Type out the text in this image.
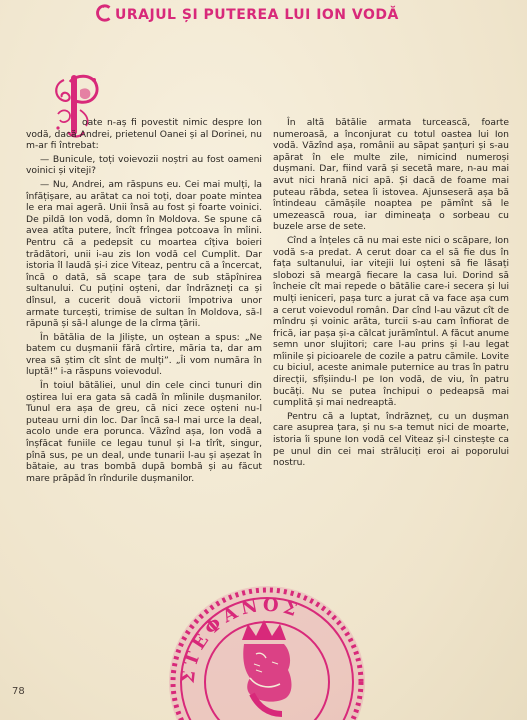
URAJUL ȘI PUTEREA LUI ION VODĂ

oate n-aș fi povestit nimic despre Ion vodă, dacă Andrei, prietenul Oanei și al Dorinei, nu m-ar fi întrebat:

— Bunicule, toți voievozii noștri au fost oameni voinici și viteji?

— Nu, Andrei, am răspuns eu. Cei mai mulți, la înfățișare, au arătat ca noi toți, doar poate mintea le era mai ageră. Unii însă au fost și foarte voinici. De pildă Ion vodă, domn în Moldova. Se spune că avea atîta putere, încît frîngea potcoava în mîini. Pentru că a pedepsit cu moartea cîțiva boieri trădători, unii i-au zis Ion vodă cel Cumplit. Dar istoria îl laudă și-i zice Viteaz, pentru că a încercat, încă o dată, să scape țara de sub stăpînirea sultanului. Cu puțini oșteni, dar îndrăzneți ca și dînsul, a cucerit două victorii împotriva unor armate turcești, trimise de sultan în Moldova, să-l răpună și să-l alunge de la cîrma țării.

În bătălia de la Jiliște, un oștean a spus: „Ne batem cu dușmanii fără cîrtire, măria ta, dar am vrea să știm cît sînt de mulți”. „Îi vom număra în luptă!” i-a răspuns voievodul.

În toiul bătăliei, unul din cele cinci tunuri din oștirea lui era gata să cadă în mîinile dușmanilor. Tunul era așa de greu, că nici zece oșteni nu-l puteau urni din loc. Dar încă sa-l mai urce la deal, acolo unde era porunca. Văzînd așa, Ion vodă a înșfăcat funiile ce legau tunul și l-a tîrît, singur, pînă sus, pe un deal, unde tunarii l-au și așezat în bătaie, au tras bombă după bombă și au făcut mare prăpăd în rîndurile dușmanilor.

În altă bătălie armata turcească, foarte numeroasă, a înconjurat cu totul oastea lui Ion vodă. Văzînd așa, românii au săpat șanțuri și s-au apărat în ele multe zile, nimicind numeroși dușmani. Dar, fiind vară și secetă mare, n-au mai avut nici hrană nici apă. Și dacă de foame mai puteau răbda, setea îi istovea. Ajunseseră așa bă întindeau cămășile noaptea pe pămînt să le umezească roua, iar dimineața o sorbeau cu buzele arse de sete.

Cînd a înțeles că nu mai este nici o scăpare, Ion vodă s-a predat. A cerut doar ca el să fie dus în fața sultanului, iar vitejii lui oșteni să fie lăsați slobozi să meargă fiecare la casa lui. Dorind să încheie cît mai repede o bătălie care-i secera și lui mulți ieniceri, pașa turc a jurat că va face așa cum a cerut voievodul român. Dar cînd l-au văzut cît de mîndru și voinic arăta, turcii s-au cam înfiorat de frică, iar pașa și-a călcat jurămîntul. A făcut anume semn unor slujitori; care l-au prins și l-au legat mîinile și picioarele de cozile a patru cămile. Lovite cu biciul, aceste animale puternice au tras în patru direcții, sfîșiindu-l pe Ion vodă, de viu, în patru bucăți. Nu se putea închipui o pedeapsă mai cumplită și mai nedreaptă.

Pentru că a luptat, îndrăzneț, cu un dușman care asuprea țara, și nu s-a temut nici de moarte, istoria îi spune Ion vodă cel Viteaz și-l cinstește ca pe unul din cei mai străluciți eroi ai poporului nostru.

ΣΤΕΦΑΝΟΣ
78
